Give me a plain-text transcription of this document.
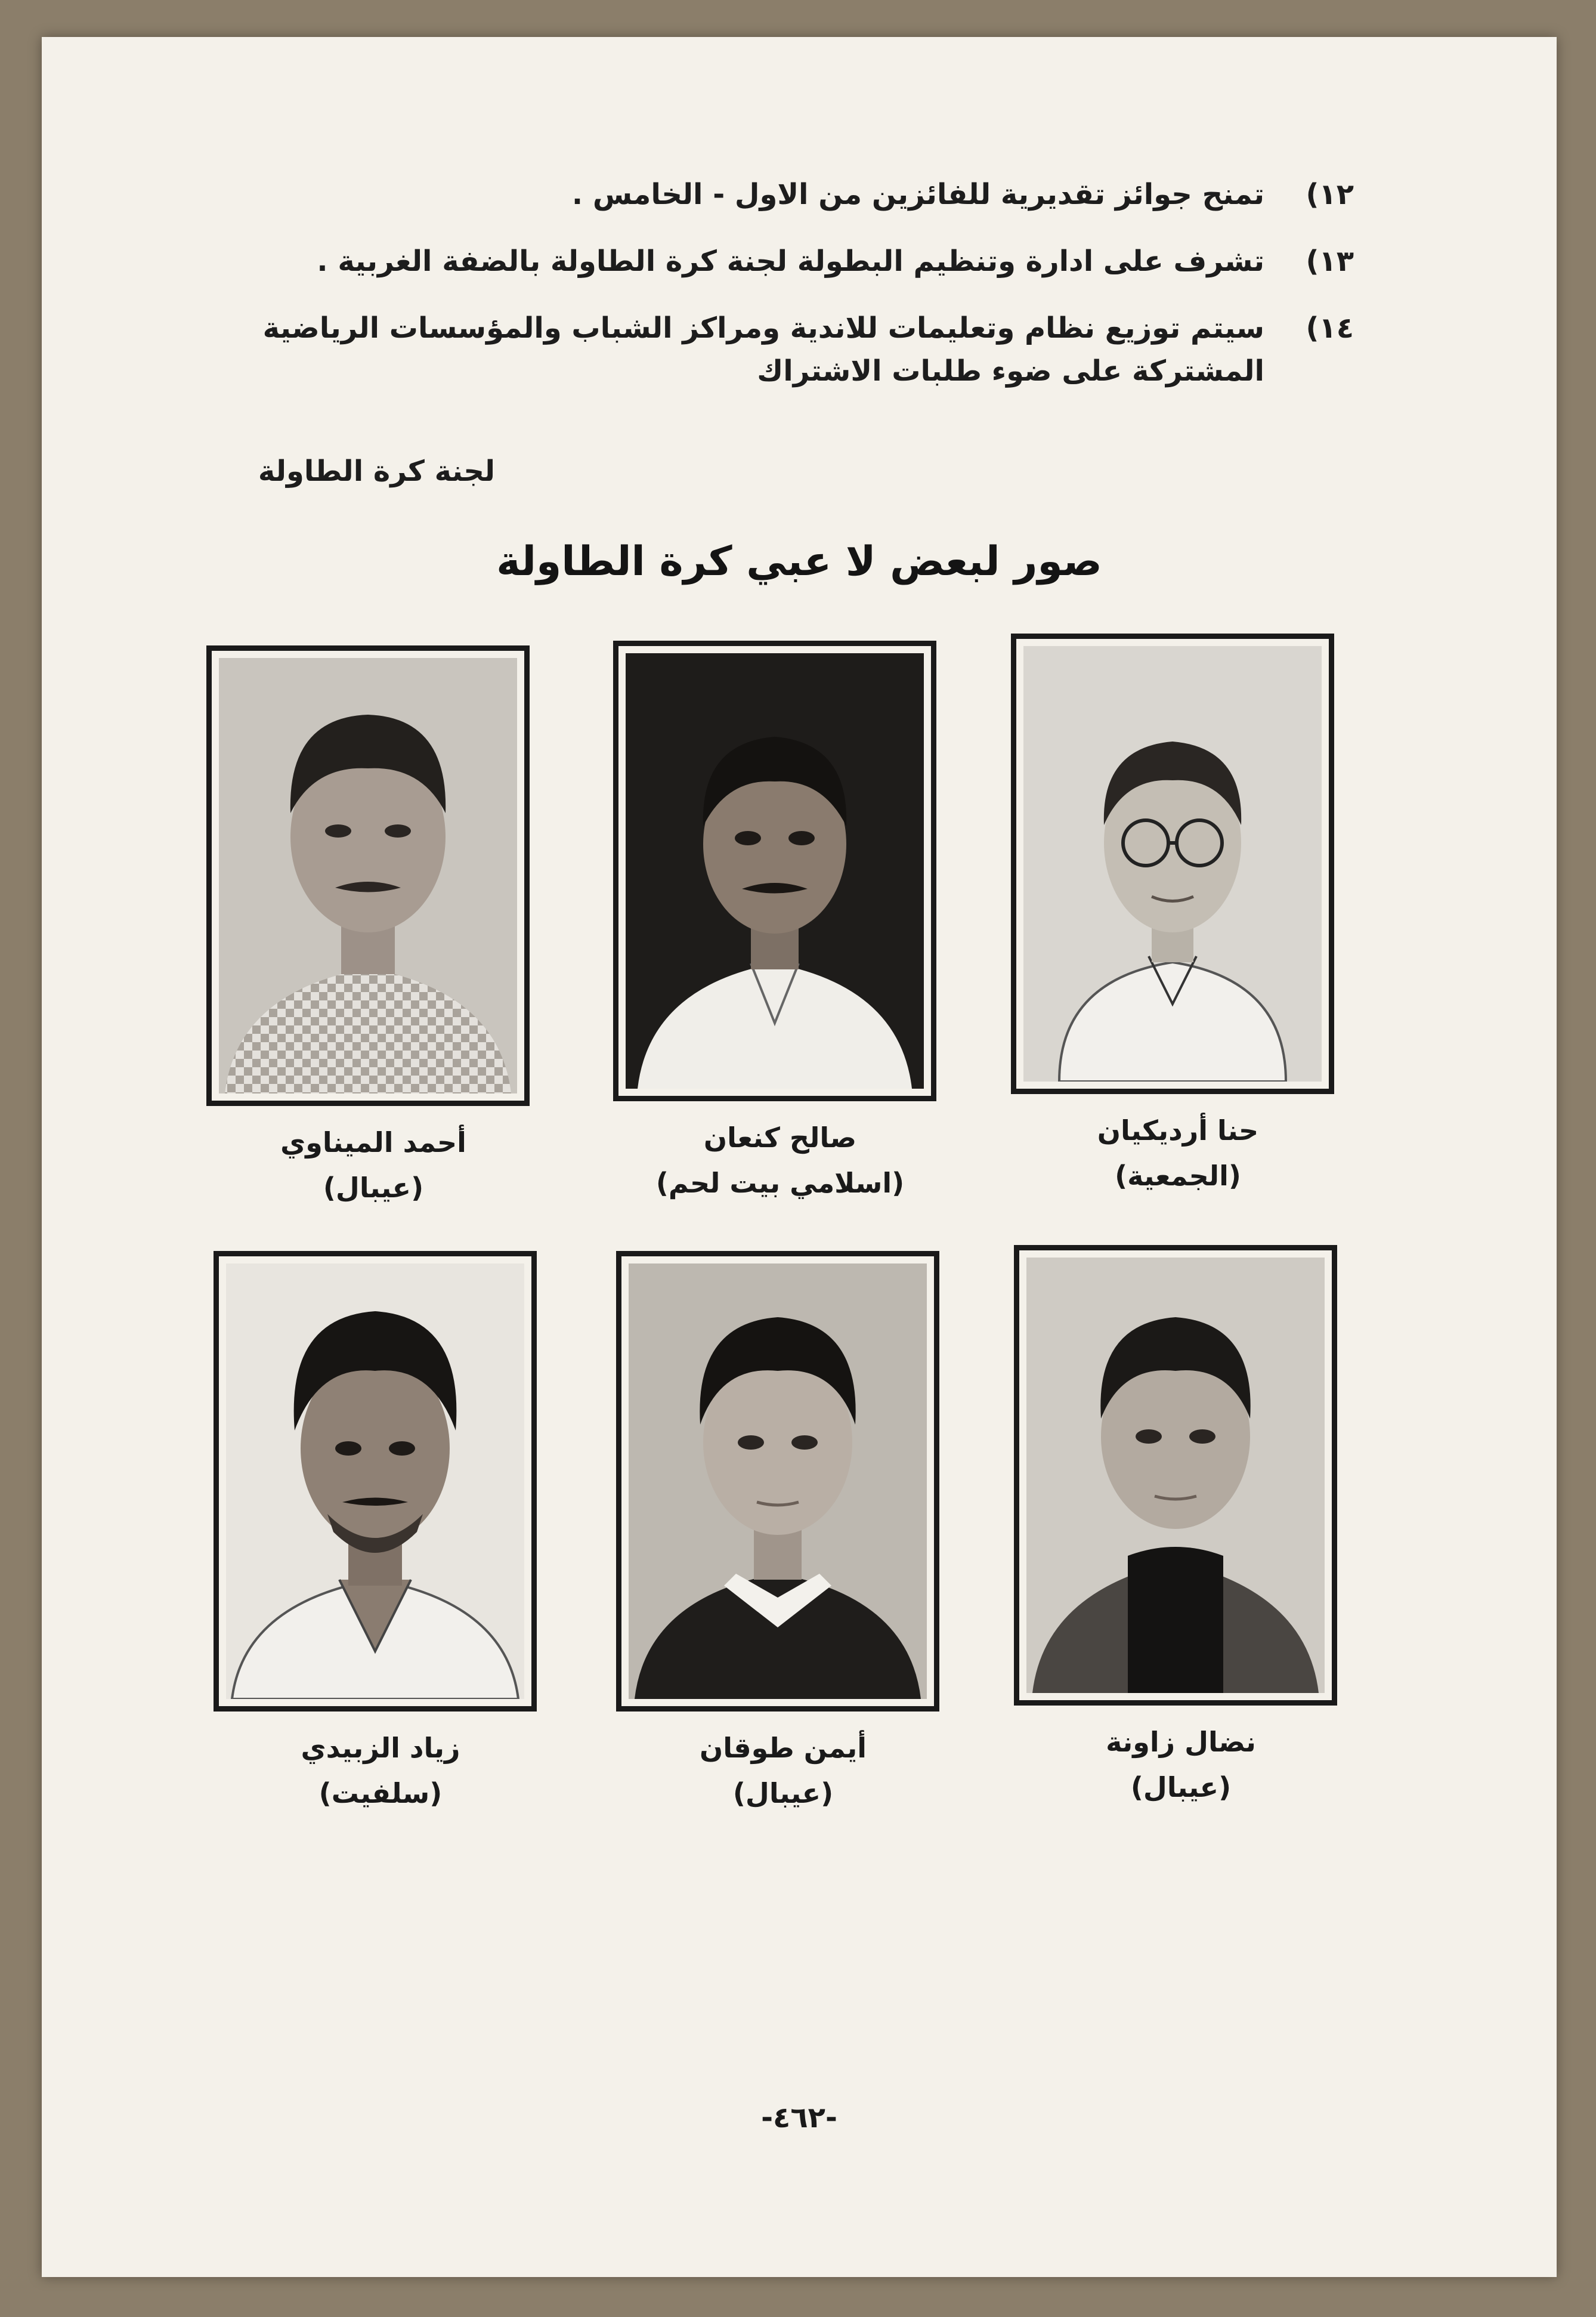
١٢)
تمنح جوائز تقديرية للفائزين من الاول - الخامس .
١٣)
تشرف على ادارة وتنظيم البطولة لجنة كرة الطاولة بالضفة الغربية .
١٤)
سيتم توزيع نظام وتعليمات للاندية ومراكز الشباب والمؤسسات الرياضية المشتركة على ضوء طلبات الاشتراك
لجنة كرة الطاولة
صور لبعض لا عبي كرة الطاولة
حنا أرديكيان
(الجمعية)
صالح كنعان
(اسلامي بيت لحم)
أحمد الميناوي
(عيبال)
نضال زاونة
(عيبال)
أيمن طوقان
(عيبال)
زياد الزبيدي
(سلفيت)
-٤٦٢-
